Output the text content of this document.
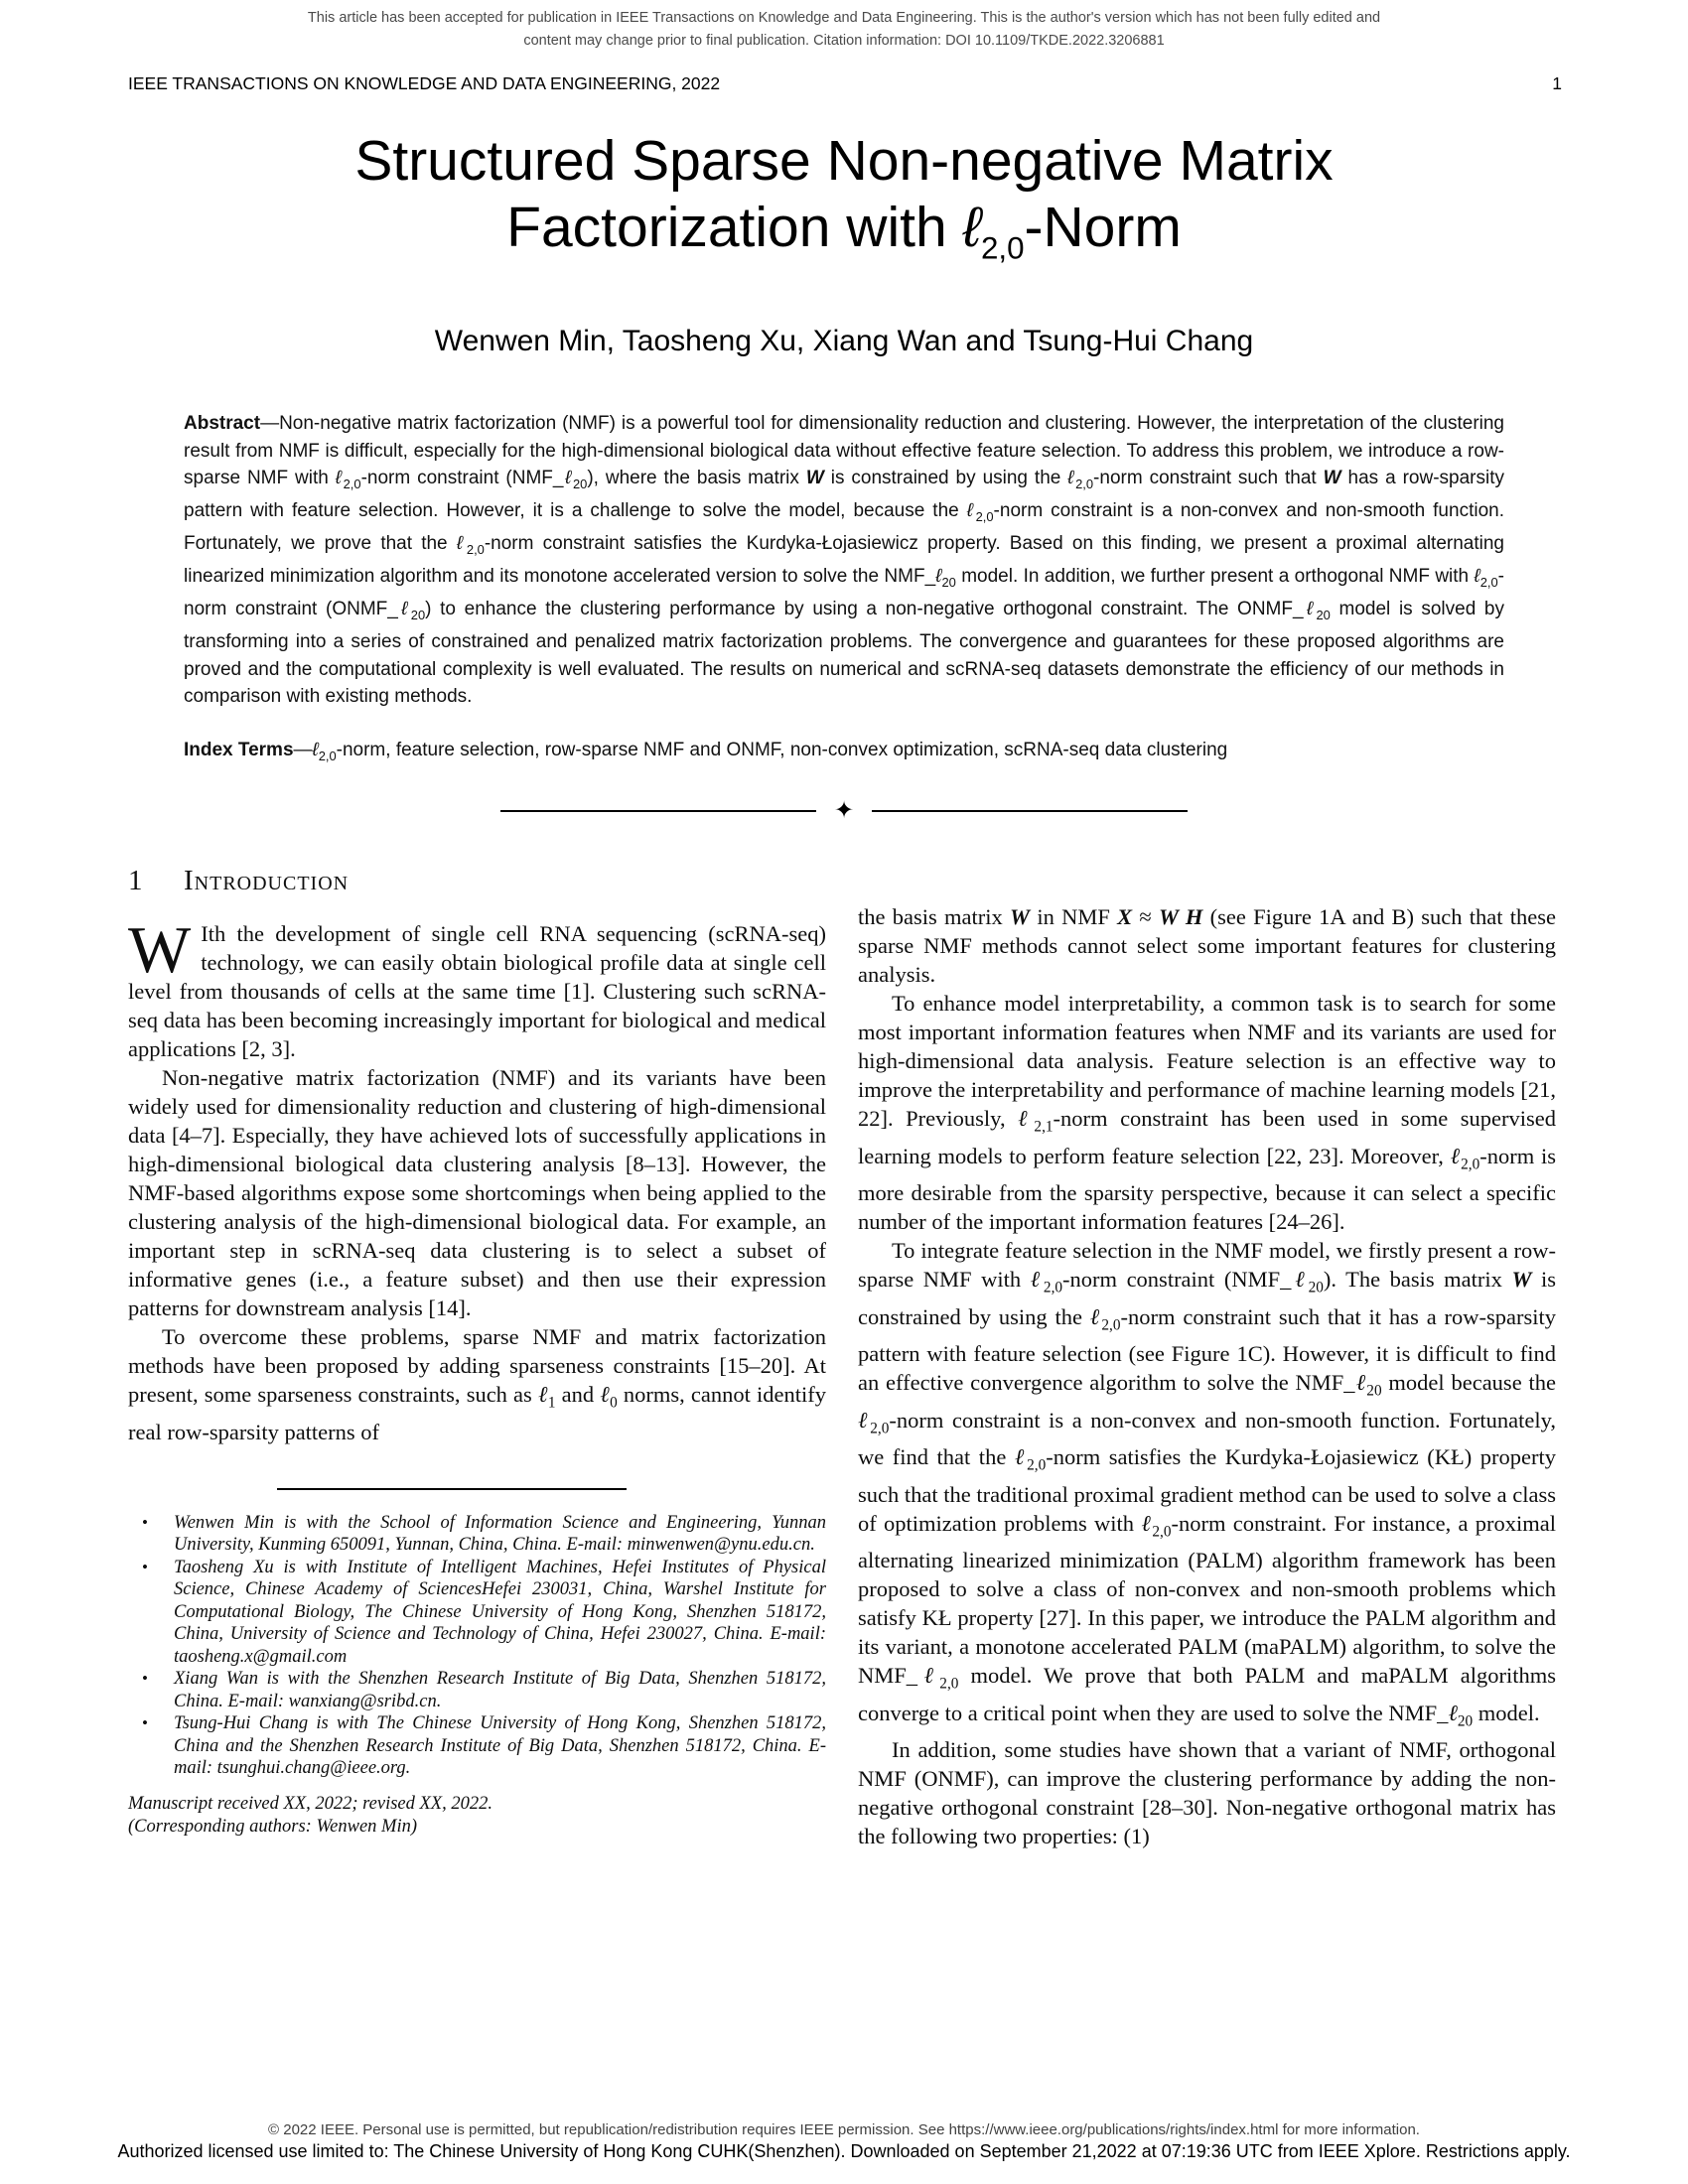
This article has been accepted for publication in IEEE Transactions on Knowledge and Data Engineering. This is the author's version which has not been fully edited and
content may change prior to final publication. Citation information: DOI 10.1109/TKDE.2022.3206881
IEEE TRANSACTIONS ON KNOWLEDGE AND DATA ENGINEERING, 2022	1
Structured Sparse Non-negative Matrix
Factorization with ℓ$_{2,0}$-Norm
Wenwen Min, Taosheng Xu, Xiang Wan and Tsung-Hui Chang
Abstract—Non-negative matrix factorization (NMF) is a powerful tool for dimensionality reduction and clustering. However, the interpretation of the clustering result from NMF is difficult, especially for the high-dimensional biological data without effective feature selection. To address this problem, we introduce a row-sparse NMF with ℓ$_{2,0}$-norm constraint (NMF_ℓ$_{20}$), where the basis matrix W is constrained by using the ℓ$_{2,0}$-norm constraint such that W has a row-sparsity pattern with feature selection. However, it is a challenge to solve the model, because the ℓ$_{2,0}$-norm constraint is a non-convex and non-smooth function. Fortunately, we prove that the ℓ$_{2,0}$-norm constraint satisfies the Kurdyka-Łojasiewicz property. Based on this finding, we present a proximal alternating linearized minimization algorithm and its monotone accelerated version to solve the NMF_ℓ$_{20}$ model. In addition, we further present a orthogonal NMF with ℓ$_{2,0}$-norm constraint (ONMF_ℓ$_{20}$) to enhance the clustering performance by using a non-negative orthogonal constraint. The ONMF_ℓ$_{20}$ model is solved by transforming into a series of constrained and penalized matrix factorization problems. The convergence and guarantees for these proposed algorithms are proved and the computational complexity is well evaluated. The results on numerical and scRNA-seq datasets demonstrate the efficiency of our methods in comparison with existing methods.
Index Terms—ℓ$_{2,0}$-norm, feature selection, row-sparse NMF and ONMF, non-convex optimization, scRNA-seq data clustering
✦
1 Introduction

W Ith the development of single cell RNA sequencing (scRNA-seq) technology, we can easily obtain biological profile data at single cell level from thousands of cells at the same time [1]. Clustering such scRNA-seq data has been becoming increasingly important for biological and medical applications [2, 3].

Non-negative matrix factorization (NMF) and its variants have been widely used for dimensionality reduction and clustering of high-dimensional data [4–7]. Especially, they have achieved lots of successfully applications in high-dimensional biological data clustering analysis [8–13]. However, the NMF-based algorithms expose some shortcomings when being applied to the clustering analysis of the high-dimensional biological data. For example, an important step in scRNA-seq data clustering is to select a subset of informative genes (i.e., a feature subset) and then use their expression patterns for downstream analysis [14].

To overcome these problems, sparse NMF and matrix factorization methods have been proposed by adding sparseness constraints [15–20]. At present, some sparseness constraints, such as ℓ$_1$ and ℓ$_0$ norms, cannot identify real row-sparsity patterns of

• Wenwen Min is with the School of Information Science and Engineering, Yunnan University, Kunming 650091, Yunnan, China, China. E-mail: minwenwen@ynu.edu.cn.
• Taosheng Xu is with Institute of Intelligent Machines, Hefei Institutes of Physical Science, Chinese Academy of SciencesHefei 230031, China, Warshel Institute for Computational Biology, The Chinese University of Hong Kong, Shenzhen 518172, China, University of Science and Technology of China, Hefei 230027, China. E-mail: taosheng.x@gmail.com
• Xiang Wan is with the Shenzhen Research Institute of Big Data, Shenzhen 518172, China. E-mail: wanxiang@sribd.cn.
• Tsung-Hui Chang is with The Chinese University of Hong Kong, Shenzhen 518172, China and the Shenzhen Research Institute of Big Data, Shenzhen 518172, China. E-mail: tsunghui.chang@ieee.org.
Manuscript received XX, 2022; revised XX, 2022.
(Corresponding authors: Wenwen Min)

the basis matrix W in NMF X ≈ W H (see Figure 1A and B) such that these sparse NMF methods cannot select some important features for clustering analysis.

To enhance model interpretability, a common task is to search for some most important information features when NMF and its variants are used for high-dimensional data analysis. Feature selection is an effective way to improve the interpretability and performance of machine learning models [21, 22]. Previously, ℓ$_{2,1}$-norm constraint has been used in some supervised learning models to perform feature selection [22, 23]. Moreover, ℓ$_{2,0}$-norm is more desirable from the sparsity perspective, because it can select a specific number of the important information features [24–26].

To integrate feature selection in the NMF model, we firstly present a row-sparse NMF with ℓ$_{2,0}$-norm constraint (NMF_ℓ$_{20}$). The basis matrix W is constrained by using the ℓ$_{2,0}$-norm constraint such that it has a row-sparsity pattern with feature selection (see Figure 1C). However, it is difficult to find an effective convergence algorithm to solve the NMF_ℓ$_{20}$ model because the ℓ$_{2,0}$-norm constraint is a non-convex and non-smooth function. Fortunately, we find that the ℓ$_{2,0}$-norm satisfies the Kurdyka-Łojasiewicz (KŁ) property such that the traditional proximal gradient method can be used to solve a class of optimization problems with ℓ$_{2,0}$-norm constraint. For instance, a proximal alternating linearized minimization (PALM) algorithm framework has been proposed to solve a class of non-convex and non-smooth problems which satisfy KŁ property [27]. In this paper, we introduce the PALM algorithm and its variant, a monotone accelerated PALM (maPALM) algorithm, to solve the NMF_ℓ$_{2,0}$ model. We prove that both PALM and maPALM algorithms converge to a critical point when they are used to solve the NMF_ℓ$_{20}$ model.

In addition, some studies have shown that a variant of NMF, orthogonal NMF (ONMF), can improve the clustering performance by adding the non-negative orthogonal constraint [28–30]. Non-negative orthogonal matrix has the following two properties: (1)

© 2022 IEEE. Personal use is permitted, but republication/redistribution requires IEEE permission. See https://www.ieee.org/publications/rights/index.html for more information.
Authorized licensed use limited to: The Chinese University of Hong Kong CUHK(Shenzhen). Downloaded on September 21,2022 at 07:19:36 UTC from IEEE Xplore. Restrictions apply.
